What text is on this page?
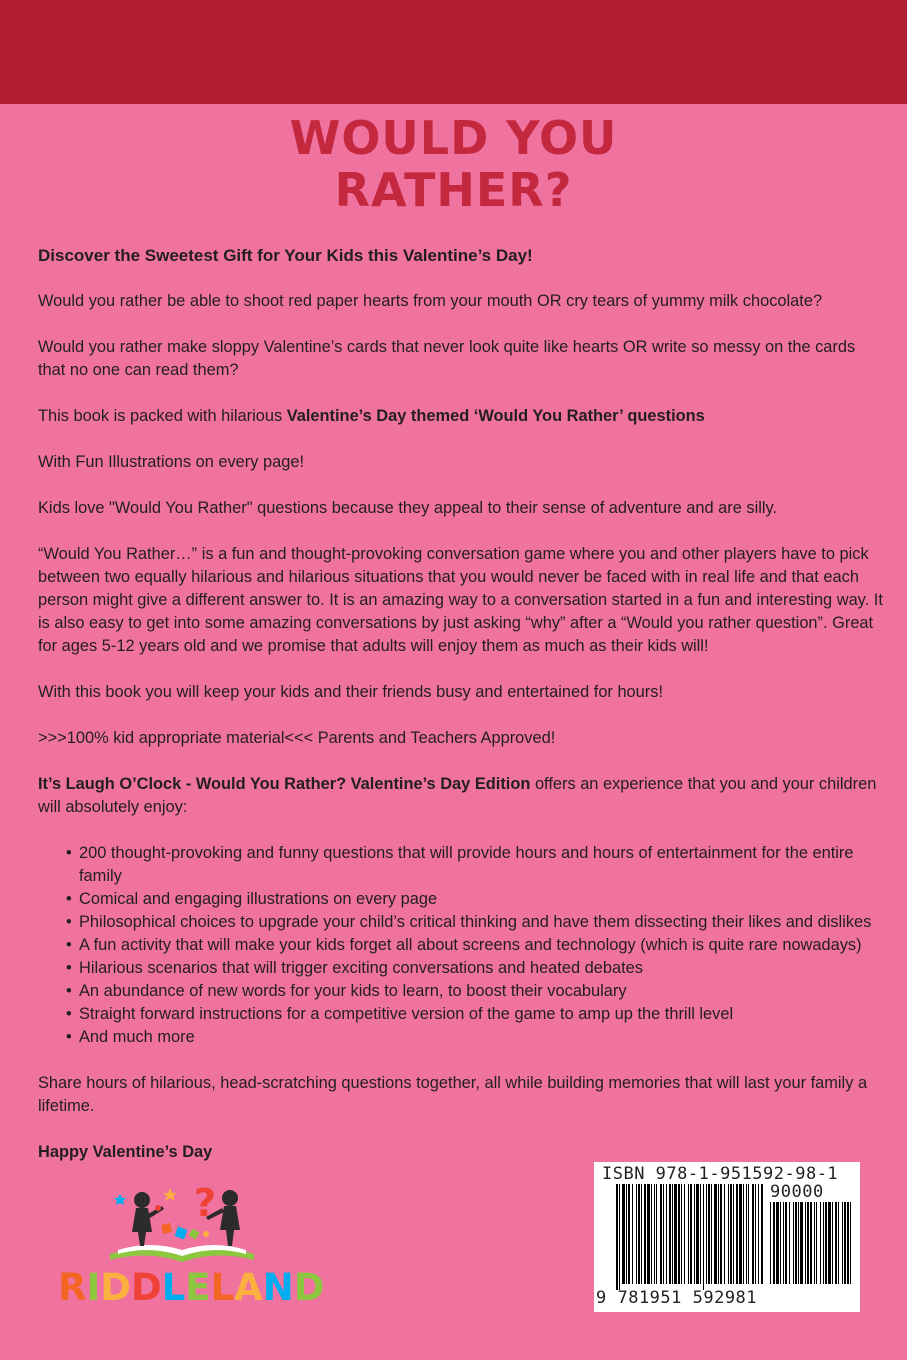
WOULD YOU
RATHER?

Discover the Sweetest Gift for Your Kids this Valentine’s Day!

Would you rather be able to shoot red paper hearts from your mouth OR cry tears of yummy milk chocolate?

Would you rather make sloppy Valentine’s cards that never look quite like hearts OR write so messy on the cards that no one can read them?

This book is packed with hilarious Valentine’s Day themed ‘Would You Rather’ questions

With Fun Illustrations on every page!

Kids love "Would You Rather" questions because they appeal to their sense of adventure and are silly.

“Would You Rather…” is a fun and thought-provoking conversation game where you and other players have to pick between two equally hilarious and hilarious situations that you would never be faced with in real life and that each person might give a different answer to. It is an amazing way to a conversation started in a fun and interesting way. It is also easy to get into some amazing conversations by just asking “why” after a “Would you rather question”. Great for ages 5-12 years old and we promise that adults will enjoy them as much as their kids will!

With this book you will keep your kids and their friends busy and entertained for hours!

>>>100% kid appropriate material<<< Parents and Teachers Approved!

It’s Laugh O’Clock - Would You Rather? Valentine’s Day Edition offers an experience that you and your children will absolutely enjoy:

• 200 thought-provoking and funny questions that will provide hours and hours of entertainment for the entire family
• Comical and engaging illustrations on every page
• Philosophical choices to upgrade your child’s critical thinking and have them dissecting their likes and dislikes
• A fun activity that will make your kids forget all about screens and technology (which is quite rare nowadays)
• Hilarious scenarios that will trigger exciting conversations and heated debates
• An abundance of new words for your kids to learn, to boost their vocabulary
• Straight forward instructions for a competitive version of the game to amp up the thrill level
• And much more

Share hours of hilarious, head-scratching questions together, all while building memories that will last your family a lifetime.

Happy Valentine’s Day

?
RIDDLELAND
ISBN 978-1-951592-98-1
90000
9 781951 592981
